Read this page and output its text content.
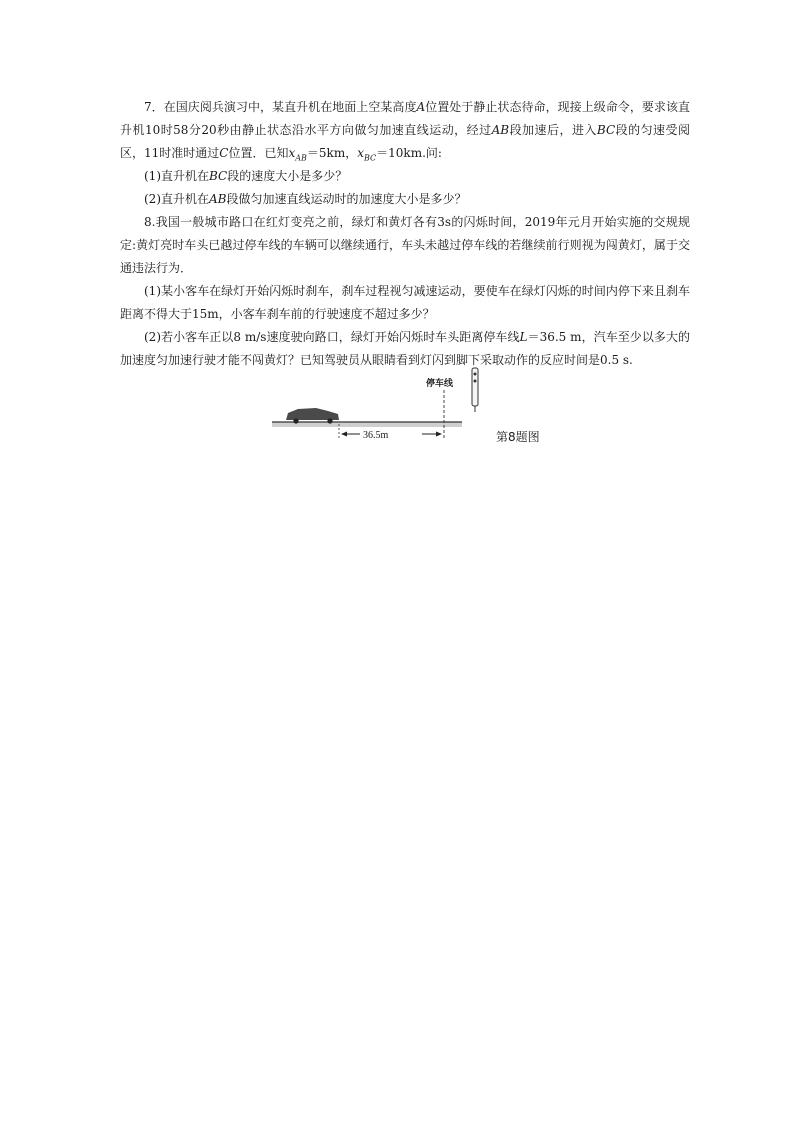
7．在国庆阅兵演习中，某直升机在地面上空某高度A位置处于静止状态待命，现接上级命令，要求该直升机10时58分20秒由静止状态沿水平方向做匀加速直线运动，经过AB段加速后，进入BC段的匀速受阅区，11时准时通过C位置．已知$x_{AB}=5km$，$x_{BC}=10km$.问:

(1)直升机在BC段的速度大小是多少？

(2)直升机在AB段做匀加速直线运动时的加速度大小是多少？

8.我国一般城市路口在红灯变亮之前，绿灯和黄灯各有3s的闪烁时间，2019年元月开始实施的交规规定:黄灯亮时车头已越过停车线的车辆可以继续通行，车头未越过停车线的若继续前行则视为闯黄灯，属于交通违法行为．

(1)某小客车在绿灯开始闪烁时刹车，刹车过程视匀减速运动，要使车在绿灯闪烁的时间内停下来且刹车距离不得大于15m，小客车刹车前的行驶速度不超过多少？

(2)若小客车正以8 m/s速度驶向路口，绿灯开始闪烁时车头距离停车线L＝36.5 m，汽车至少以多大的加速度匀加速行驶才能不闯黄灯？已知驾驶员从眼睛看到灯闪到脚下采取动作的反应时间是0.5 s.

停车线
36.5m	第8题图
